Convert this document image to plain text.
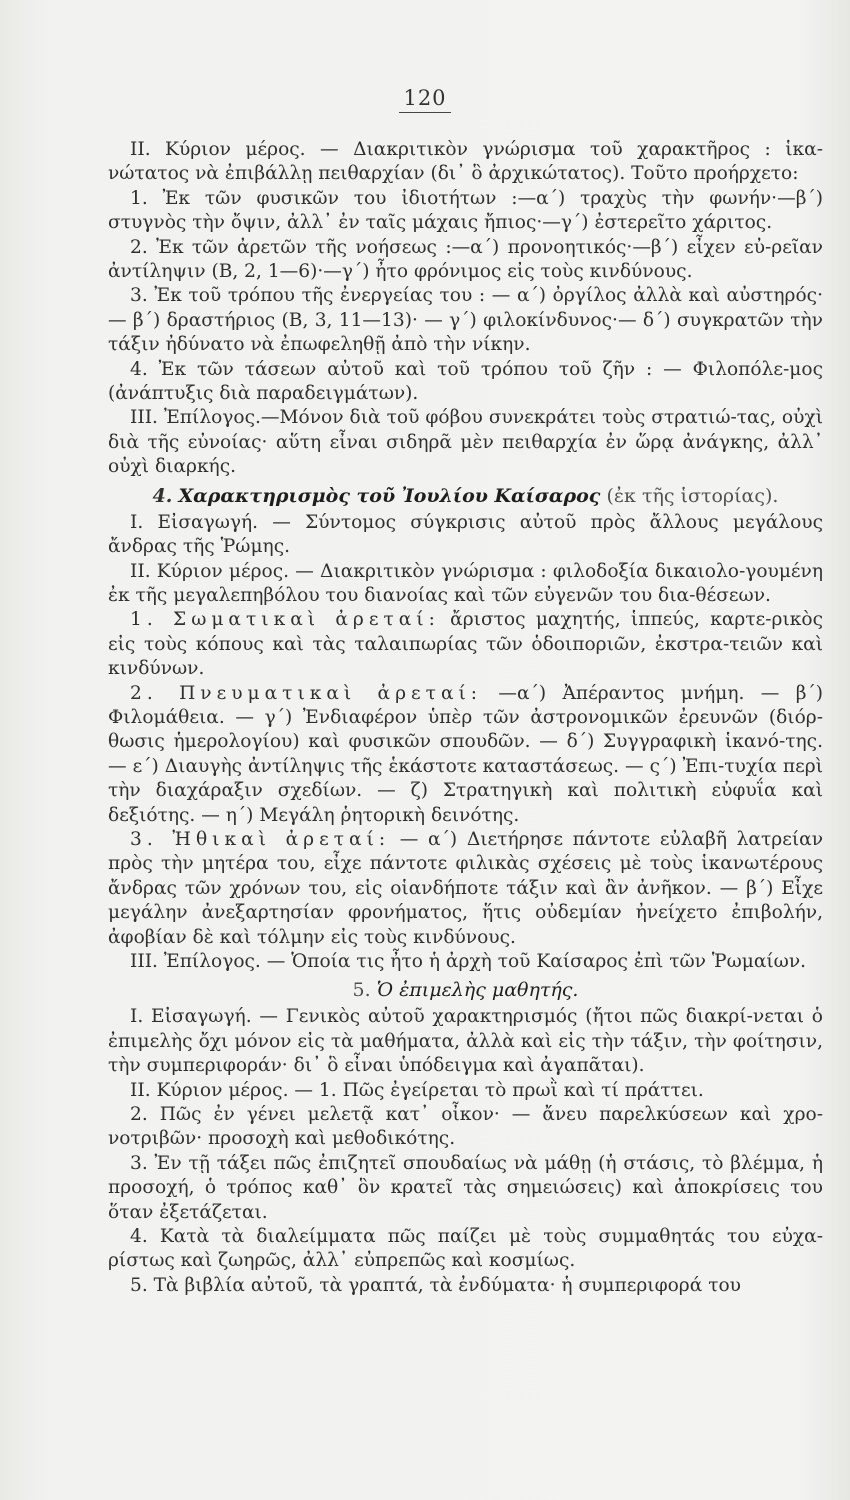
120

II. Κύριον μέρος. — Διακριτικὸν γνώρισμα τοῦ χαρακτῆρος : ἱκα-νώτατος νὰ ἐπιβάλλῃ πειθαρχίαν (δι᾽ ὃ ἀρχικώτατος). Τοῦτο προήρχετο:

1. Ἐκ τῶν φυσικῶν του ἰδιοτήτων :—α΄) τραχὺς τὴν φωνήν·—β΄) στυγνὸς τὴν ὄψιν, ἀλλ᾽ ἐν ταῖς μάχαις ἤπιος·—γ΄) ἐστερεῖτο χάριτος.

2. Ἐκ τῶν ἀρετῶν τῆς νοήσεως :—α΄) προνοητικός·—β΄) εἶχεν εὐ-ρεῖαν ἀντίληψιν (B, 2, 1—6)·—γ΄) ἦτο φρόνιμος εἰς τοὺς κινδύνους.

3. Ἐκ τοῦ τρόπου τῆς ἐνεργείας του : — α΄) ὀργίλος ἀλλὰ καὶ αὐστηρός·— β΄) δραστήριος (B, 3, 11—13)· — γ΄) φιλοκίνδυνος·— δ΄) συγκρατῶν τὴν τάξιν ἠδύνατο νὰ ἐπωφεληθῇ ἀπὸ τὴν νίκην.

4. Ἐκ τῶν τάσεων αὐτοῦ καὶ τοῦ τρόπου τοῦ ζῆν : — Φιλοπόλε-μος (ἀνάπτυξις διὰ παραδειγμάτων).

III. Ἐπίλογος.—Μόνον διὰ τοῦ φόβου συνεκράτει τοὺς στρατιώ-τας, οὐχὶ διὰ τῆς εὐνοίας· αὕτη εἶναι σιδηρᾶ μὲν πειθαρχία ἐν ὥρᾳ ἀνάγκης, ἀλλ᾽ οὐχὶ διαρκής.

4. Χαρακτηρισμὸς τοῦ Ἰουλίου Καίσαρος (ἐκ τῆς ἱστορίας).

I. Εἰσαγωγή. — Σύντομος σύγκρισις αὐτοῦ πρὸς ἄλλους μεγάλους ἄνδρας τῆς Ῥώμης.

II. Κύριον μέρος. — Διακριτικὸν γνώρισμα : φιλοδοξία δικαιολο-γουμένη ἐκ τῆς μεγαλεπηβόλου του διανοίας καὶ τῶν εὐγενῶν του δια-θέσεων.

1. Σωματικαὶ ἀρεταί: ἄριστος μαχητής, ἱππεύς, καρτε-ρικὸς εἰς τοὺς κόπους καὶ τὰς ταλαιπωρίας τῶν ὁδοιποριῶν, ἐκστρα-τειῶν καὶ κινδύνων.

2. Πνευματικαὶ ἀρεταί: —α΄) Ἀπέραντος μνήμη. — β΄) Φιλομάθεια. — γ΄) Ἐνδιαφέρον ὑπὲρ τῶν ἀστρονομικῶν ἐρευνῶν (διόρ-θωσις ἡμερολογίου) καὶ φυσικῶν σπουδῶν. — δ΄) Συγγραφικὴ ἱκανό-της. — ε΄) Διαυγὴς ἀντίληψις τῆς ἑκάστοτε καταστάσεως. — ς΄) Ἐπι-τυχία περὶ τὴν διαχάραξιν σχεδίων. — ζ) Στρατηγικὴ καὶ πολιτικὴ εὐφυΐα καὶ δεξιότης. — η΄) Μεγάλη ῥητορικὴ δεινότης.

3. Ἠθικαὶ ἀρεταί: — α΄) Διετήρησε πάντοτε εὐλαβῆ λατρείαν πρὸς τὴν μητέρα του, εἶχε πάντοτε φιλικὰς σχέσεις μὲ τοὺς ἱκανωτέρους ἄνδρας τῶν χρόνων του, εἰς οἱανδήποτε τάξιν καὶ ἂν ἀνῆκον. — β΄) Εἶχε μεγάλην ἀνεξαρτησίαν φρονήματος, ἥτις οὐδεμίαν ἠνείχετο ἐπιβολήν, ἀφοβίαν δὲ καὶ τόλμην εἰς τοὺς κινδύνους.

III. Ἐπίλογος. — Ὁποία τις ἦτο ἡ ἀρχὴ τοῦ Καίσαρος ἐπὶ τῶν Ῥωμαίων.

5. Ὁ ἐπιμελὴς μαθητής.

I. Εἰσαγωγή. — Γενικὸς αὐτοῦ χαρακτηρισμός (ἤτοι πῶς διακρί-νεται ὁ ἐπιμελὴς ὄχι μόνον εἰς τὰ μαθήματα, ἀλλὰ καὶ εἰς τὴν τάξιν, τὴν φοίτησιν, τὴν συμπεριφοράν· δι᾽ ὃ εἶναι ὑπόδειγμα καὶ ἀγαπᾶται).

II. Κύριον μέρος. — 1. Πῶς ἐγείρεται τὸ πρωῒ καὶ τί πράττει.

2. Πῶς ἐν γένει μελετᾷ κατ᾽ οἶκον· — ἄνευ παρελκύσεων καὶ χρο-νοτριβῶν· προσοχὴ καὶ μεθοδικότης.

3. Ἐν τῇ τάξει πῶς ἐπιζητεῖ σπουδαίως νὰ μάθῃ (ἡ στάσις, τὸ βλέμμα, ἡ προσοχή, ὁ τρόπος καθ᾽ ὃν κρατεῖ τὰς σημειώσεις) καὶ ἀποκρίσεις του ὅταν ἐξετάζεται.

4. Κατὰ τὰ διαλείμματα πῶς παίζει μὲ τοὺς συμμαθητάς του εὐχα-ρίστως καὶ ζωηρῶς, ἀλλ᾽ εὐπρεπῶς καὶ κοσμίως.

5. Τὰ βιβλία αὐτοῦ, τὰ γραπτά, τὰ ἐνδύματα· ἡ συμπεριφορά του
